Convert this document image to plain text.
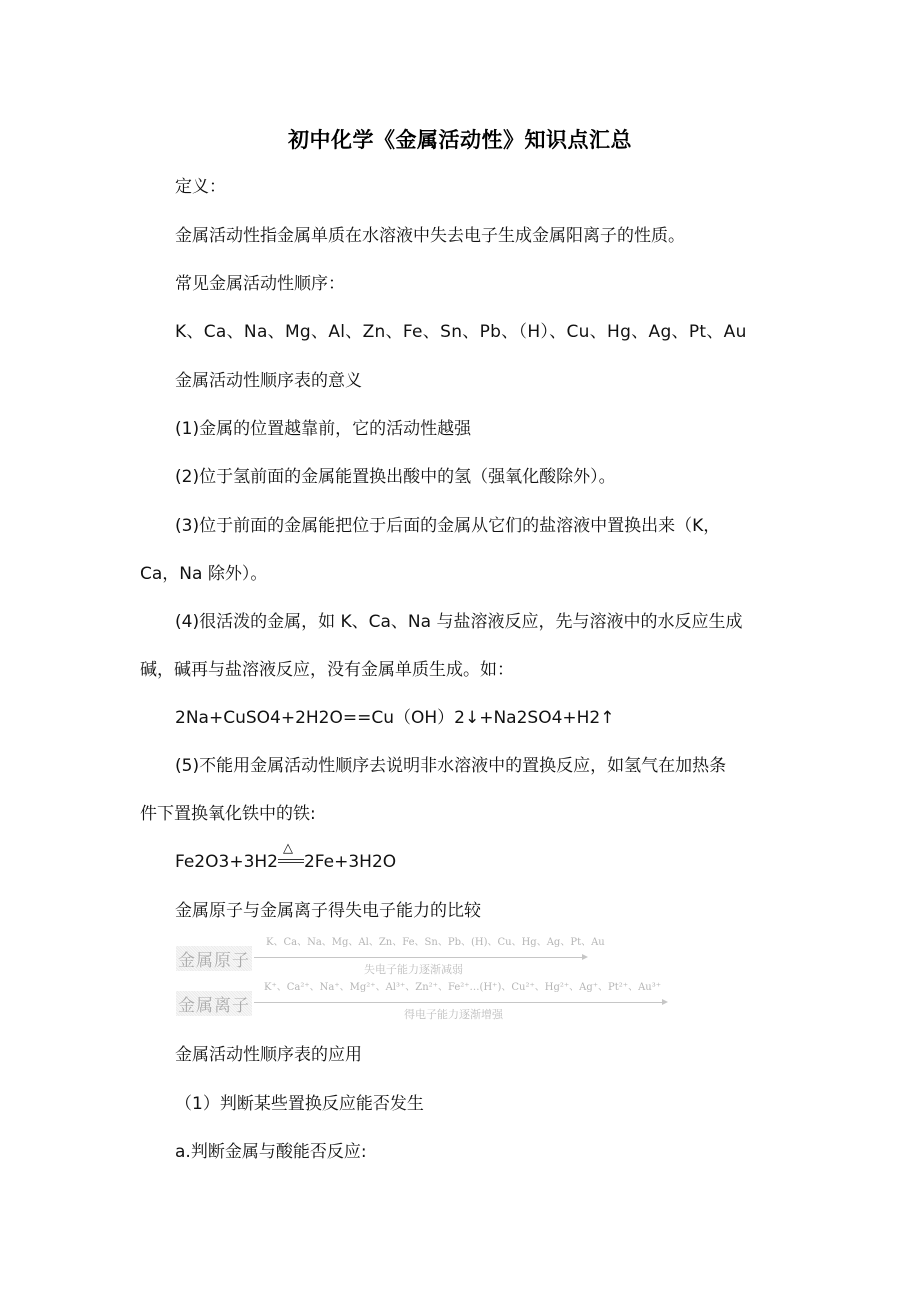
初中化学《金属活动性》知识点汇总
定义：
金属活动性指金属单质在水溶液中失去电子生成金属阳离子的性质。
常见金属活动性顺序：
K、Ca、Na、Mg、Al、Zn、Fe、Sn、Pb、（H）、Cu、Hg、Ag、Pt、Au
金属活动性顺序表的意义
(1)金属的位置越靠前，它的活动性越强
(2)位于氢前面的金属能置换出酸中的氢（强氧化酸除外）。
(3)位于前面的金属能把位于后面的金属从它们的盐溶液中置换出来（K，
Ca，Na 除外）。
(4)很活泼的金属，如 K、Ca、Na 与盐溶液反应，先与溶液中的水反应生成
碱，碱再与盐溶液反应，没有金属单质生成。如：
2Na+CuSO4+2H2O==Cu（OH）2↓+Na2SO4+H2↑
(5)不能用金属活动性顺序去说明非水溶液中的置换反应，如氢气在加热条
件下置换氧化铁中的铁:
Fe2O3+3H2
△
2Fe+3H2O
金属原子与金属离子得失电子能力的比较
金属原子
K、Ca、Na、Mg、Al、Zn、Fe、Sn、Pb、(H)、Cu、Hg、Ag、Pt、Au
失电子能力逐渐减弱
金属离子
K⁺、Ca²⁺、Na⁺、Mg²⁺、Al³⁺、Zn²⁺、Fe²⁺…(H⁺)、Cu²⁺、Hg²⁺、Ag⁺、Pt²⁺、Au³⁺
得电子能力逐渐增强
金属活动性顺序表的应用
（1）判断某些置换反应能否发生
a.判断金属与酸能否反应:
